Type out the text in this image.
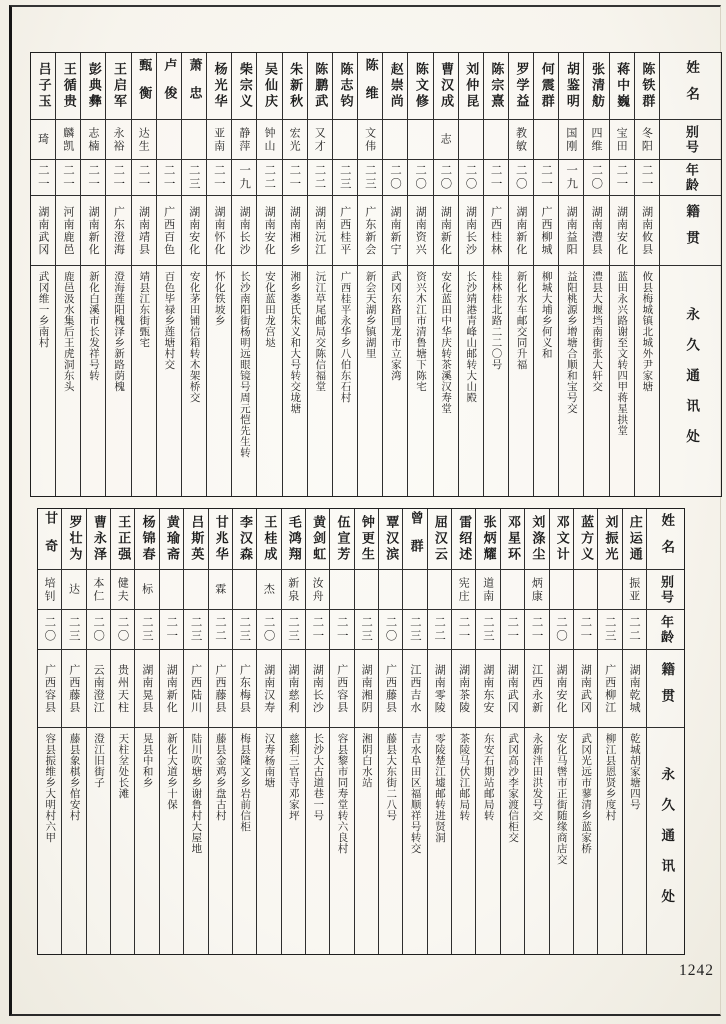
吕子玉
琦
二一
湖南武冈
武冈维一乡南村
王循贵
麟凯
二一
河南鹿邑
鹿邑汲水集后王虎洞东头
彭典彝
志楠
二一
湖南新化
新化白溪市长发祥号转
王启军
永裕
二一
广东澄海
澄海莲阳槐泽乡新路荫槐
甄衡
达生
二一
湖南靖县
靖县江东街甄宅
卢俊
二一
广西百色
百色毕禄乡莲塘村交
萧忠
二三
湖南安化
安化茅田铺信箱转木架桥交
杨光华
亚南
二一
湖南怀化
怀化铁坡乡
柴宗义
静萍
一九
湖南长沙
长沙南阳街杨明远眼镜号周元恺先生转
吴仙庆
钟山
二二
湖南安化
安化蓝田龙宫垯
朱新秋
宏光
二一
湖南湘乡
湘乡娄氏朱义和大号转交垅塘
陈鹏武
又才
二二
湖南沅江
沅江草尾邮局交陈信福堂
陈志钧
二三
广西桂平
广西桂平永华乡八伯东石村
陈维
文伟
二三
广东新会
新会天湖乡镇湖里
赵崇尚
二〇
湖南新宁
武冈东路回龙市立家湾
陈文修
二〇
湖南资兴
资兴木江市清鲁塘下陈宅
曹汉成
志
二〇
湖南新化
安化蓝田中华庆转茶溪汉寿堂
刘仲昆
二〇
湖南长沙
长沙靖港青峰山邮转大山殿
陈宗熹
二一
广西桂林
桂林桂北路二二〇号
罗学益
教敏
二〇
湖南新化
新化水车邮交同升福
何震群
二一
广西柳城
柳城大埔乡何义和
胡鉴明
国刚
一九
湖南益阳
益阳桃源乡增塘合顺和宝号交
张清舫
四维
二〇
湖南澧县
澧县大堰垱南街张大轩交
蒋中巍
宝田
二一
湖南安化
蓝田永兴路谢至文转四甲蒋星拱堂
陈铁群
冬阳
二一
湖南攸县
攸县梅城镇北城外尹家塘
姓名
别号
年龄
籍贯
永久通讯处
甘奇
培钊
二〇
广西容县
容县振维乡大明村六甲
罗壮为
达
二三
广西藤县
藤县象棋乡倌安村
曹永泽
本仁
二〇
云南澄江
澄江旧街子
王正强
健夫
二〇
贵州天柱
天柱坌处长滩
杨锦春
标
二三
湖南晃县
晃县中和乡
黄瑜斋
二一
湖南新化
新化大道乡十保
吕斯英
二三
广西陆川
陆川吹塘乡谢鲁村大屋地
甘兆华
霖
二二
广西藤县
藤县金鸡乡盘古村
李汉森
二三
广东梅县
梅县隆文乡岩前信柜
王桂成
杰
二〇
湖南汉寿
汉寿杨南塘
毛鸿翔
新泉
二三
湖南慈利
慈利三官寺邓家坪
黄剑虹
汝舟
二一
湖南长沙
长沙大古道巷一号
伍宣芳
二一
广西容县
容县黎市同寿堂转六良村
钟更生
二三
湖南湘阴
湘阴白水站
覃汉滨
二〇
广西藤县
藤县大东街二八号
曾群
二三
江西吉水
吉水阜田区福顺祥号转交
屈汉云
二二
湖南零陵
零陵楚江墟邮转进贤洞
雷绍述
宪庄
二一
湖南茶陵
茶陵马伏江邮局转
张炳耀
道南
二三
湖南东安
东安石期站邮局转
邓星环
二一
湖南武冈
武冈高沙李家渡信柜交
刘涤尘
炳康
二一
江西永新
永新泮田洪发号交
邓文计
二〇
湖南安化
安化马辔市正街随缘商店交
蓝方义
二一
湖南武冈
武冈光远市蓼清乡蓝家桥
刘振光
二三
广西柳江
柳江县恩贤乡度村
庄运通
振亚
二二
湖南乾城
乾城胡家塘四号
姓名
别号
年龄
籍贯
永久通讯处
1242
